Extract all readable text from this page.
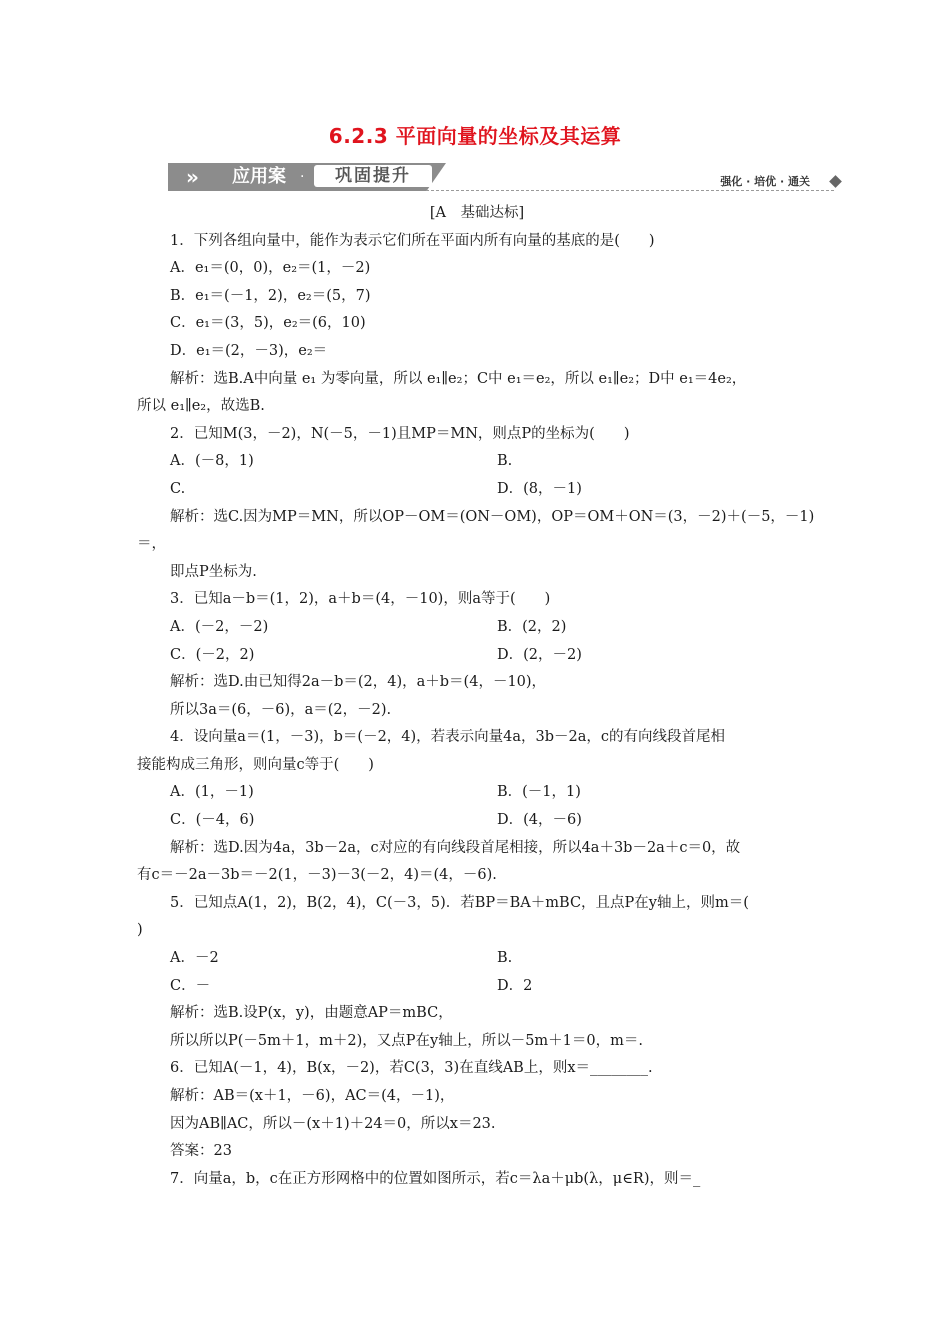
6.2.3 平面向量的坐标及其运算
» 应用案 ·	巩固提升	强化 · 培优 · 通关
[A　基础达标]
1．下列各组向量中，能作为表示它们所在平面内所有向量的基底的是(　　)
A．e₁＝(0，0)，e₂＝(1，－2)
B．e₁＝(－1，2)，e₂＝(5，7)
C．e₁＝(3，5)，e₂＝(6，10)
D．e₁＝(2，－3)，e₂＝
解析：选B.A中向量 e₁ 为零向量，所以 e₁∥e₂；C中 e₁＝e₂，所以 e₁∥e₂；D中 e₁＝4e₂，
所以 e₁∥e₂，故选B.
2．已知M(3，－2)，N(－5，－1)且MP＝MN，则点P的坐标为(　　)
A．(－8，1)	B.
C.	D．(8，－1)
解析：选C.因为MP＝MN，所以OP－OM＝(ON－OM)，OP＝OM＋ON＝(3，－2)＋(－5，－1)
＝，
即点P坐标为.
3．已知a－b＝(1，2)，a＋b＝(4，－10)，则a等于(　　)
A．(－2，－2)	B．(2，2)
C．(－2，2)	D．(2，－2)
解析：选D.由已知得2a－b＝(2，4)，a＋b＝(4，－10)，
所以3a＝(6，－6)，a＝(2，－2).
4．设向量a＝(1，－3)，b＝(－2，4)，若表示向量4a，3b－2a，c的有向线段首尾相
接能构成三角形，则向量c等于(　　)
A．(1，－1)	B．(－1，1)
C．(－4，6)	D．(4，－6)
解析：选D.因为4a，3b－2a，c对应的有向线段首尾相接，所以4a＋3b－2a＋c＝0，故
有c＝－2a－3b＝－2(1，－3)－3(－2，4)＝(4，－6).
5．已知点A(1，2)，B(2，4)，C(－3，5)．若BP＝BA＋mBC，且点P在y轴上，则m＝(
)
A．－2	B.
C．－	D．2
解析：选B.设P(x，y)，由题意AP＝mBC，
所以所以P(－5m＋1，m＋2)，又点P在y轴上，所以－5m＋1＝0，m＝.
6．已知A(－1，4)，B(x，－2)，若C(3，3)在直线AB上，则x＝________.
解析：AB＝(x＋1，－6)，AC＝(4，－1)，
因为AB∥AC，所以－(x＋1)＋24＝0，所以x＝23.
答案：23
7．向量a，b，c在正方形网格中的位置如图所示，若c＝λa＋μb(λ，μ∈R)，则＝_
